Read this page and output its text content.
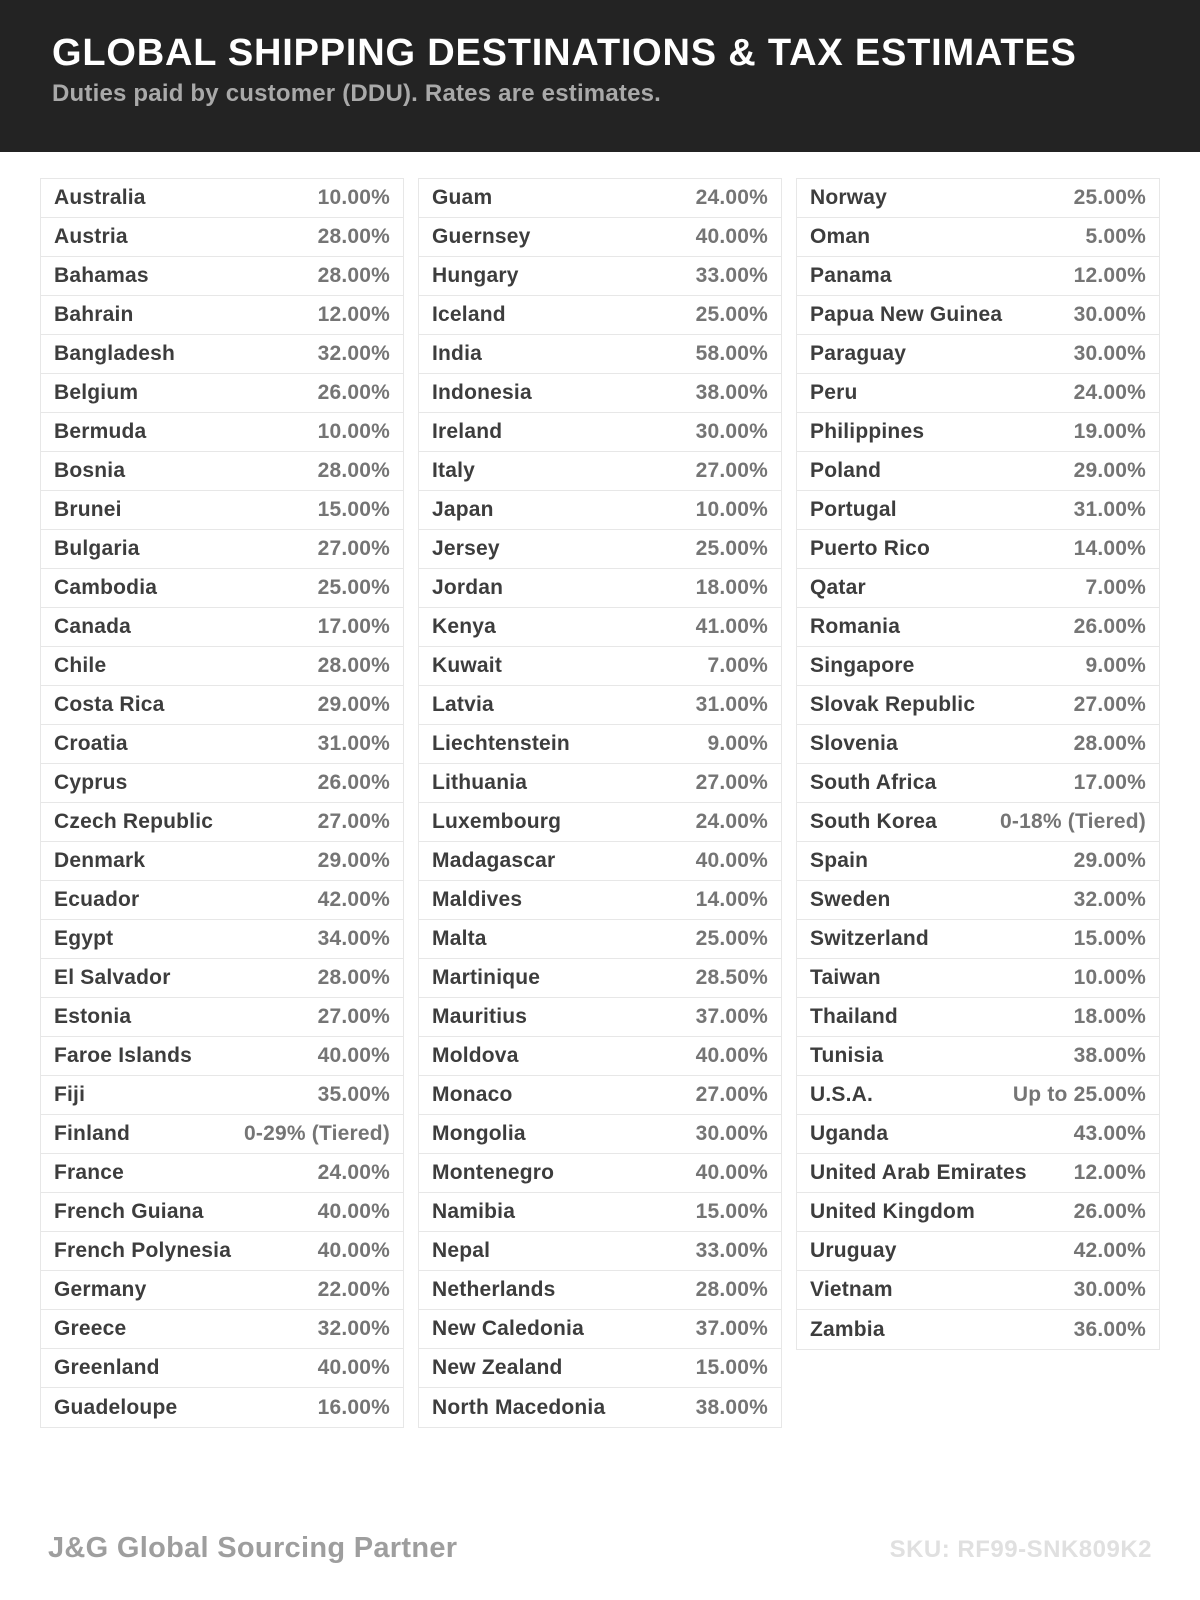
GLOBAL SHIPPING DESTINATIONS & TAX ESTIMATES
Duties paid by customer (DDU). Rates are estimates.
Australia	10.00%
Austria	28.00%
Bahamas	28.00%
Bahrain	12.00%
Bangladesh	32.00%
Belgium	26.00%
Bermuda	10.00%
Bosnia	28.00%
Brunei	15.00%
Bulgaria	27.00%
Cambodia	25.00%
Canada	17.00%
Chile	28.00%
Costa Rica	29.00%
Croatia	31.00%
Cyprus	26.00%
Czech Republic	27.00%
Denmark	29.00%
Ecuador	42.00%
Egypt	34.00%
El Salvador	28.00%
Estonia	27.00%
Faroe Islands	40.00%
Fiji	35.00%
Finland	0-29% (Tiered)
France	24.00%
French Guiana	40.00%
French Polynesia	40.00%
Germany	22.00%
Greece	32.00%
Greenland	40.00%
Guadeloupe	16.00%
Guam	24.00%
Guernsey	40.00%
Hungary	33.00%
Iceland	25.00%
India	58.00%
Indonesia	38.00%
Ireland	30.00%
Italy	27.00%
Japan	10.00%
Jersey	25.00%
Jordan	18.00%
Kenya	41.00%
Kuwait	7.00%
Latvia	31.00%
Liechtenstein	9.00%
Lithuania	27.00%
Luxembourg	24.00%
Madagascar	40.00%
Maldives	14.00%
Malta	25.00%
Martinique	28.50%
Mauritius	37.00%
Moldova	40.00%
Monaco	27.00%
Mongolia	30.00%
Montenegro	40.00%
Namibia	15.00%
Nepal	33.00%
Netherlands	28.00%
New Caledonia	37.00%
New Zealand	15.00%
North Macedonia	38.00%
Norway	25.00%
Oman	5.00%
Panama	12.00%
Papua New Guinea	30.00%
Paraguay	30.00%
Peru	24.00%
Philippines	19.00%
Poland	29.00%
Portugal	31.00%
Puerto Rico	14.00%
Qatar	7.00%
Romania	26.00%
Singapore	9.00%
Slovak Republic	27.00%
Slovenia	28.00%
South Africa	17.00%
South Korea	0-18% (Tiered)
Spain	29.00%
Sweden	32.00%
Switzerland	15.00%
Taiwan	10.00%
Thailand	18.00%
Tunisia	38.00%
U.S.A.	Up to 25.00%
Uganda	43.00%
United Arab Emirates 12.00%
United Kingdom	26.00%
Uruguay	42.00%
Vietnam	30.00%
Zambia	36.00%
J&G Global Sourcing Partner	SKU: RF99-SNK809K2
